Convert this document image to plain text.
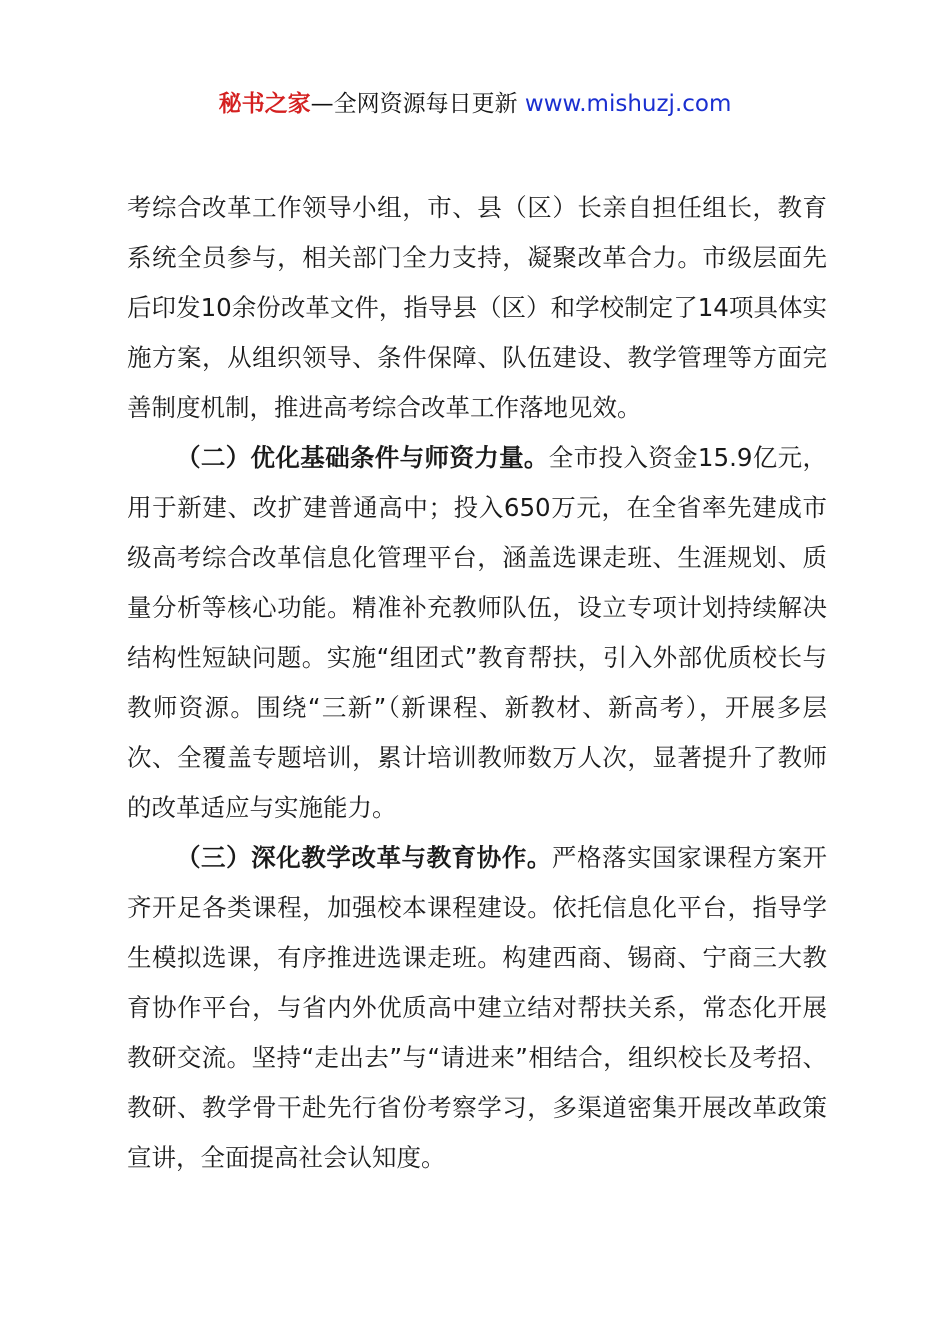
秘书之家—全网资源每日更新 www.mishuzj.com

考综合改革工作领导小组，市、县（区）长亲自担任组长，教育系统全员参与，相关部门全力支持，凝聚改革合力。市级层面先后印发10余份改革文件，指导县（区）和学校制定了14项具体实施方案，从组织领导、条件保障、队伍建设、教学管理等方面完善制度机制，推进高考综合改革工作落地见效。

（二）优化基础条件与师资力量。全市投入资金15.9亿元，用于新建、改扩建普通高中；投入650万元，在全省率先建成市级高考综合改革信息化管理平台，涵盖选课走班、生涯规划、质量分析等核心功能。精准补充教师队伍，设立专项计划持续解决结构性短缺问题。实施“组团式”教育帮扶，引入外部优质校长与教师资源。围绕“三新”（新课程、新教材、新高考），开展多层次、全覆盖专题培训，累计培训教师数万人次，显著提升了教师的改革适应与实施能力。

（三）深化教学改革与教育协作。严格落实国家课程方案开齐开足各类课程，加强校本课程建设。依托信息化平台，指导学生模拟选课，有序推进选课走班。构建西商、锡商、宁商三大教育协作平台，与省内外优质高中建立结对帮扶关系，常态化开展教研交流。坚持“走出去”与“请进来”相结合，组织校长及考招、教研、教学骨干赴先行省份考察学习，多渠道密集开展改革政策宣讲，全面提高社会认知度。
